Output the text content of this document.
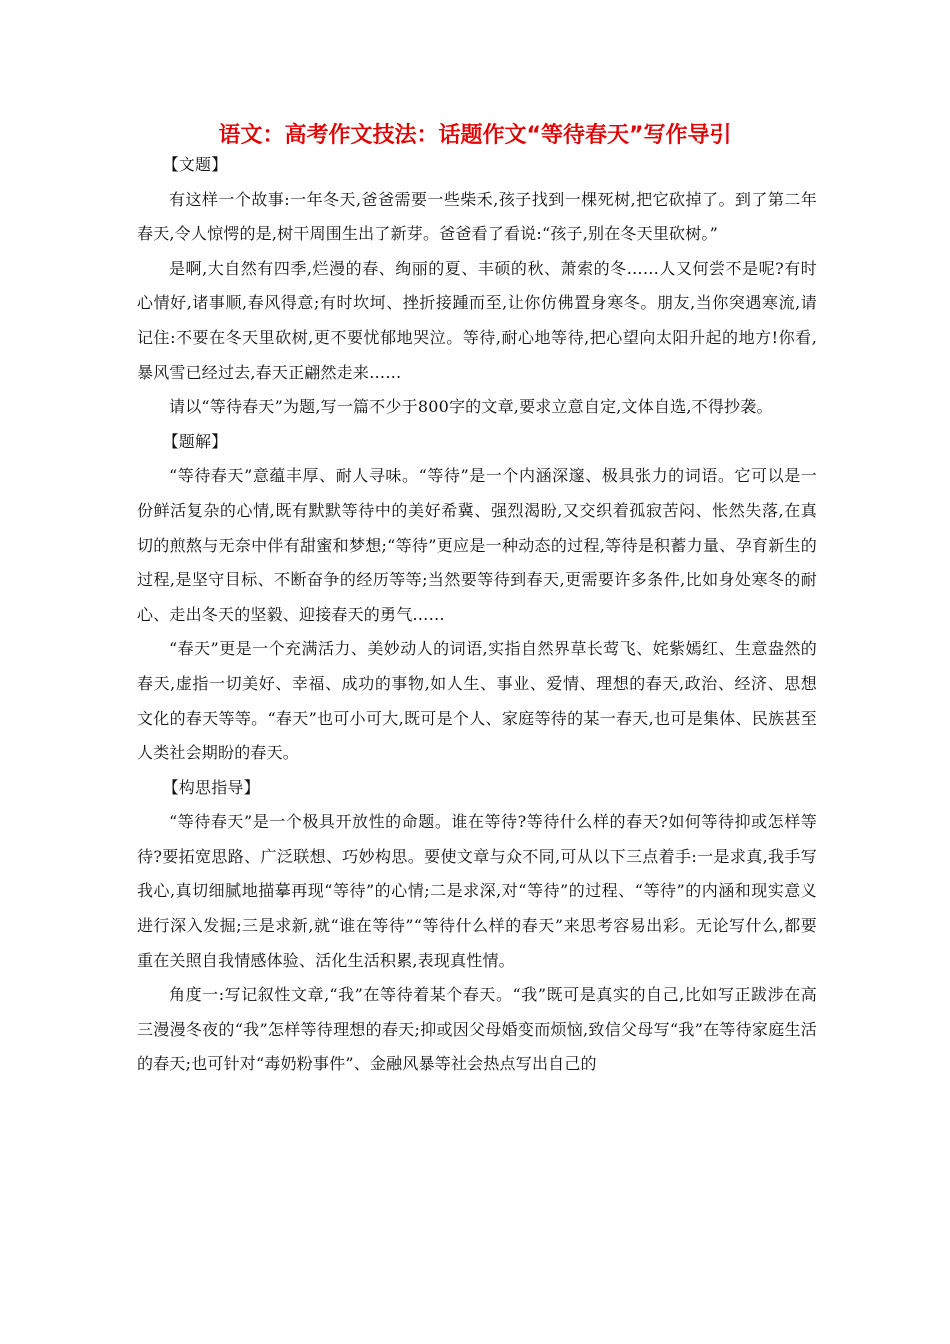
语文：高考作文技法：话题作文“等待春天”写作导引

【文题】

有这样一个故事:一年冬天,爸爸需要一些柴禾,孩子找到一棵死树,把它砍掉了。到了第二年春天,令人惊愕的是,树干周围生出了新芽。爸爸看了看说:“孩子,别在冬天里砍树。”

是啊,大自然有四季,烂漫的春、绚丽的夏、丰硕的秋、萧索的冬……人又何尝不是呢?有时心情好,诸事顺,春风得意;有时坎坷、挫折接踵而至,让你仿佛置身寒冬。朋友,当你突遇寒流,请记住:不要在冬天里砍树,更不要忧郁地哭泣。等待,耐心地等待,把心望向太阳升起的地方!你看,暴风雪已经过去,春天正翩然走来……

请以“等待春天”为题,写一篇不少于800字的文章,要求立意自定,文体自选,不得抄袭。

【题解】

“等待春天”意蕴丰厚、耐人寻味。“等待”是一个内涵深邃、极具张力的词语。它可以是一份鲜活复杂的心情,既有默默等待中的美好希冀、强烈渴盼,又交织着孤寂苦闷、怅然失落,在真切的煎熬与无奈中伴有甜蜜和梦想;“等待”更应是一种动态的过程,等待是积蓄力量、孕育新生的过程,是坚守目标、不断奋争的经历等等;当然要等待到春天,更需要许多条件,比如身处寒冬的耐心、走出冬天的坚毅、迎接春天的勇气……

“春天”更是一个充满活力、美妙动人的词语,实指自然界草长莺飞、姹紫嫣红、生意盎然的春天,虚指一切美好、幸福、成功的事物,如人生、事业、爱情、理想的春天,政治、经济、思想文化的春天等等。“春天”也可小可大,既可是个人、家庭等待的某一春天,也可是集体、民族甚至人类社会期盼的春天。

【构思指导】

“等待春天”是一个极具开放性的命题。谁在等待?等待什么样的春天?如何等待抑或怎样等待?要拓宽思路、广泛联想、巧妙构思。要使文章与众不同,可从以下三点着手:一是求真,我手写我心,真切细腻地描摹再现“等待”的心情;二是求深,对“等待”的过程、“等待”的内涵和现实意义进行深入发掘;三是求新,就“谁在等待”“等待什么样的春天”来思考容易出彩。无论写什么,都要重在关照自我情感体验、活化生活积累,表现真性情。

角度一:写记叙性文章,“我”在等待着某个春天。“我”既可是真实的自己,比如写正跋涉在高三漫漫冬夜的“我”怎样等待理想的春天;抑或因父母婚变而烦恼,致信父母写“我”在等待家庭生活的春天;也可针对“毒奶粉事件”、金融风暴等社会热点写出自己的
